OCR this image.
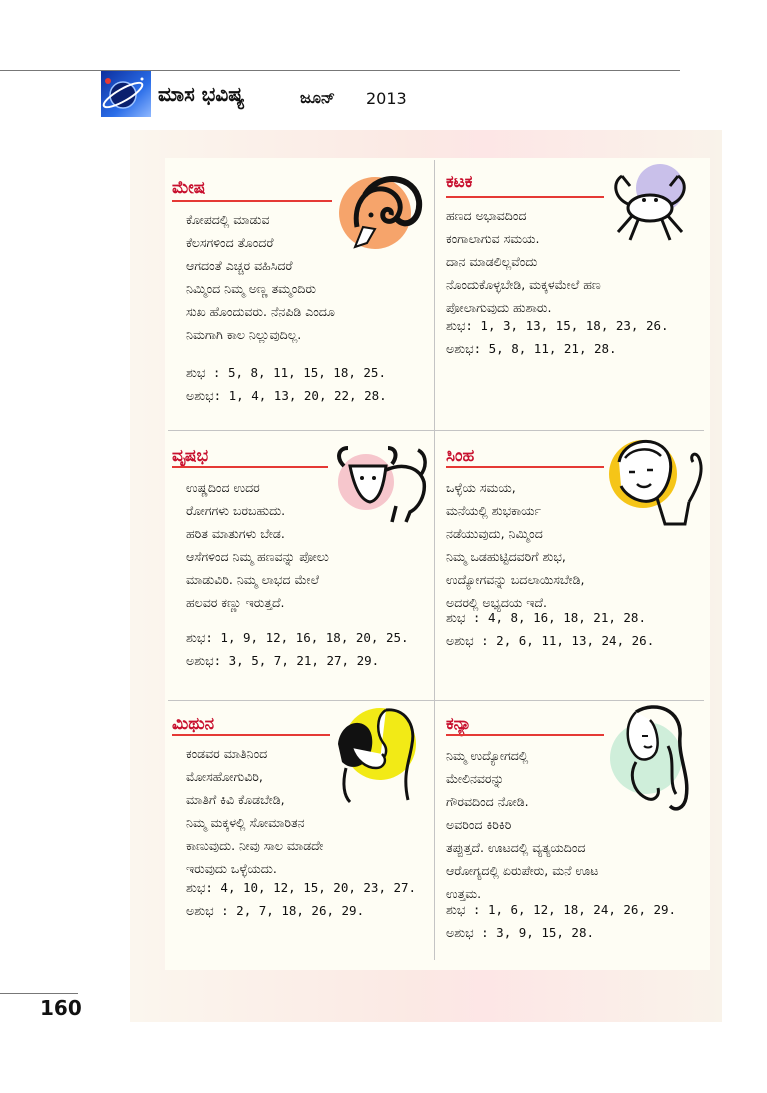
ಮಾಸ ಭವಿಷ್ಯ	ಜೂನ್ 2013
ಮೇಷ

ಕೋಪದಲ್ಲಿ ಮಾಡುವ

ಕೆಲಸಗಳಿಂದ ತೊಂದರೆ

ಆಗದಂತೆ ಎಚ್ಚರ ವಹಿಸಿದರೆ

ನಿಮ್ಮಿಂದ ನಿಮ್ಮ ಅಣ್ಣ ತಮ್ಮಂದಿರು

ಸುಖ ಹೊಂದುವರು. ನೆನಪಿಡಿ ಎಂದೂ

ನಿಮಗಾಗಿ ಕಾಲ ನಿಲ್ಲುವುದಿಲ್ಲ.

ಶುಭ : 5, 8, 11, 15, 18, 25.
ಅಶುಭ: 1, 4, 13, 20, 22, 28.
ಕಟಕ

ಹಣದ ಅಭಾವದಿಂದ

ಕಂಗಾಲಾಗುವ ಸಮಯ.

ದಾನ ಮಾಡಲಿಲ್ಲವೆಂದು

ನೊಂದುಕೊಳ್ಳಬೇಡಿ, ಮಕ್ಕಳಮೇಲೆ ಹಣ

ಪೋಲಾಗುವುದು ಹುಶಾರು.

ಶುಭ: 1, 3, 13, 15, 18, 23, 26.
ಅಶುಭ: 5, 8, 11, 21, 28.
ವೃಷಭ

ಉಷ್ಣದಿಂದ ಉದರ

ರೋಗಗಳು ಬರಬಹುದು.

ಹರಿತ ಮಾತುಗಳು ಬೇಡ.

ಆಸೆಗಳಿಂದ ನಿಮ್ಮ ಹಣವನ್ನು ಪೋಲು

ಮಾಡುವಿರಿ. ನಿಮ್ಮ ಲಾಭದ ಮೇಲೆ

ಹಲವರ ಕಣ್ಣು ಇರುತ್ತದೆ.

ಶುಭ: 1, 9, 12, 16, 18, 20, 25.
ಅಶುಭ: 3, 5, 7, 21, 27, 29.
ಸಿಂಹ

ಒಳ್ಳೆಯ ಸಮಯ,

ಮನೆಯಲ್ಲಿ ಶುಭಕಾರ್ಯ

ನಡೆಯುವುದು, ನಿಮ್ಮಿಂದ

ನಿಮ್ಮ ಒಡಹುಟ್ಟಿದವರಿಗೆ ಶುಭ,

ಉದ್ಯೋಗವನ್ನು ಬದಲಾಯಿಸಬೇಡಿ,

ಅದರಲ್ಲಿ ಅಭ್ಯದಯ ಇದೆ.

ಶುಭ : 4, 8, 16, 18, 21, 28.
ಅಶುಭ : 2, 6, 11, 13, 24, 26.
ಮಿಥುನ

ಕಂಡವರ ಮಾತಿನಿಂದ

ಮೋಸಹೋಗುವಿರಿ,

ಮಾತಿಗೆ ಕಿವಿ ಕೊಡಬೇಡಿ,

ನಿಮ್ಮ ಮಕ್ಕಳಲ್ಲಿ ಸೋಮಾರಿತನ

ಕಾಣುವುದು. ನೀವು ಸಾಲ ಮಾಡದೇ

ಇರುವುದು ಒಳ್ಳೆಯದು.

ಶುಭ: 4, 10, 12, 15, 20, 23, 27.
ಅಶುಭ : 2, 7, 18, 26, 29.
ಕನ್ಯಾ

ನಿಮ್ಮ ಉದ್ಯೋಗದಲ್ಲಿ

ಮೇಲಿನವರನ್ನು

ಗೌರವದಿಂದ ನೋಡಿ.

ಅವರಿಂದ ಕಿರಿಕಿರಿ

ತಪ್ಪುತ್ತದೆ. ಊಟದಲ್ಲಿ ವ್ಯತ್ಯಯದಿಂದ

ಆರೋಗ್ಯದಲ್ಲಿ ಏರುಪೇರು, ಮನೆ ಊಟ

ಉತ್ತಮ.

ಶುಭ : 1, 6, 12, 18, 24, 26, 29.
ಅಶುಭ : 3, 9, 15, 28.
160
